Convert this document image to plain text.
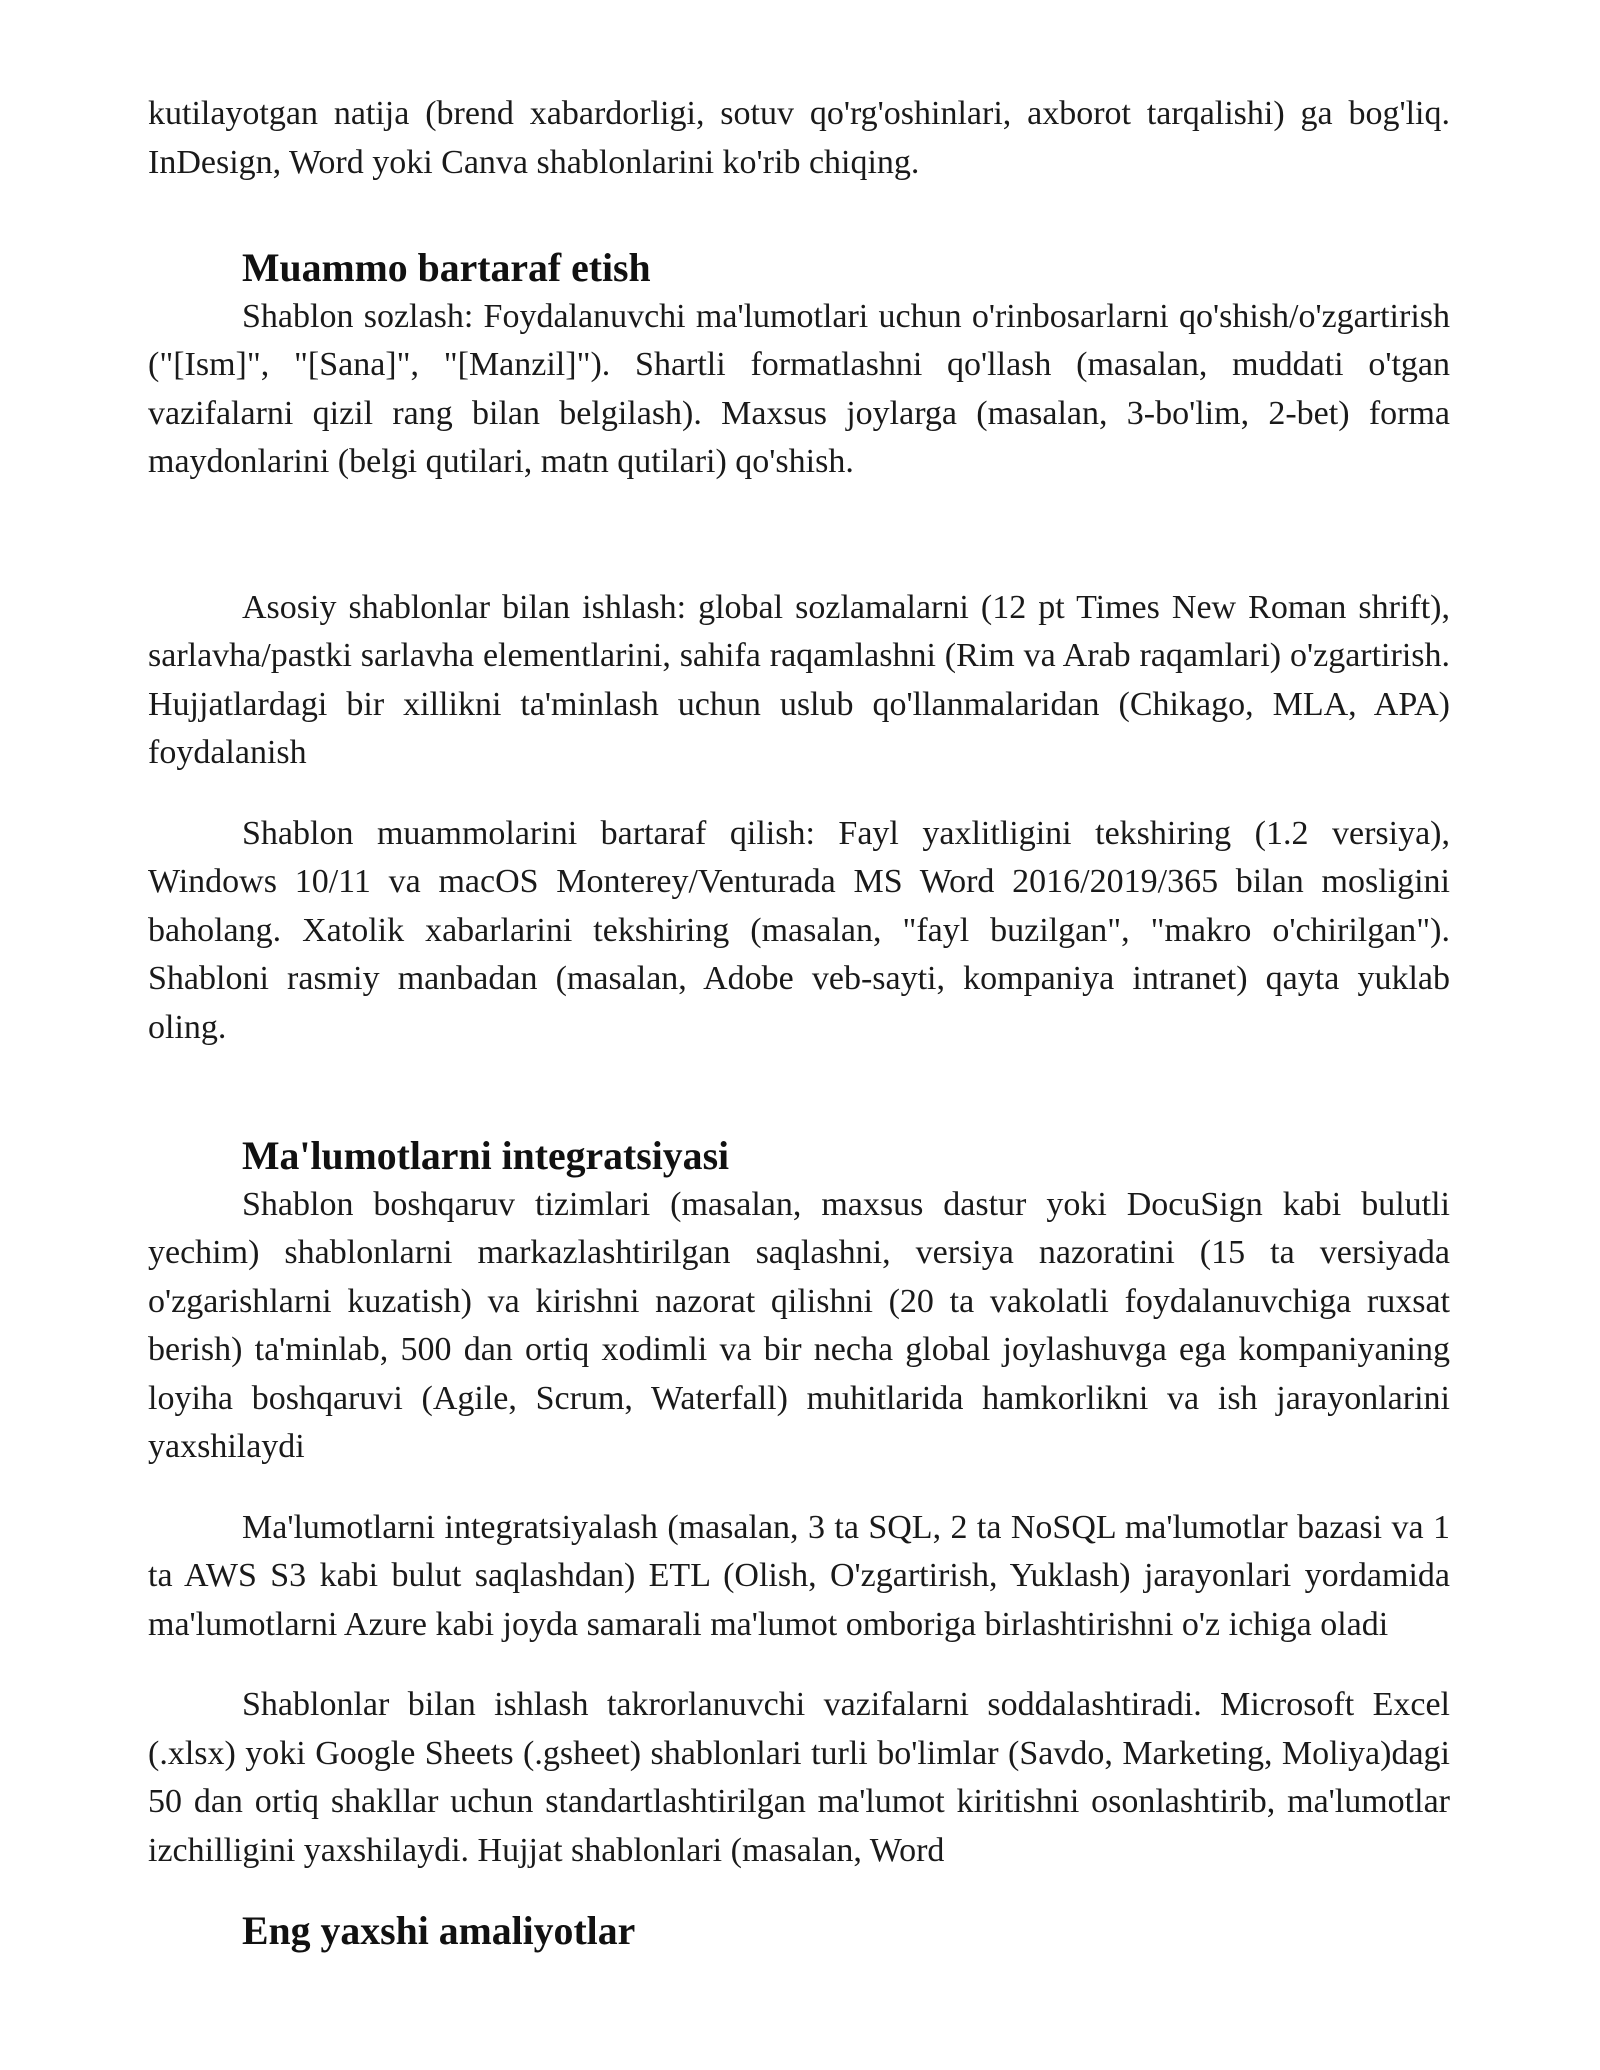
kutilayotgan natija (brend xabardorligi, sotuv qo'rg'oshinlari, axborot tarqalishi) ga bog'liq. InDesign, Word yoki Canva shablonlarini ko'rib chiqing.

Muammo bartaraf etish

Shablon sozlash: Foydalanuvchi ma'lumotlari uchun o'rinbosarlarni qo'shish/o'zgartirish ("[Ism]", "[Sana]", "[Manzil]"). Shartli formatlashni qo'llash (masalan, muddati o'tgan vazifalarni qizil rang bilan belgilash). Maxsus joylarga (masalan, 3-bo'lim, 2-bet) forma maydonlarini (belgi qutilari, matn qutilari) qo'shish.

Asosiy shablonlar bilan ishlash: global sozlamalarni (12 pt Times New Roman shrift), sarlavha/pastki sarlavha elementlarini, sahifa raqamlashni (Rim va Arab raqamlari) o'zgartirish. Hujjatlardagi bir xillikni ta'minlash uchun uslub qo'llanmalaridan (Chikago, MLA, APA) foydalanish

Shablon muammolarini bartaraf qilish: Fayl yaxlitligini tekshiring (1.2 versiya), Windows 10/11 va macOS Monterey/Venturada MS Word 2016/2019/365 bilan mosligini baholang. Xatolik xabarlarini tekshiring (masalan, "fayl buzilgan", "makro o'chirilgan"). Shabloni rasmiy manbadan (masalan, Adobe veb-sayti, kompaniya intranet) qayta yuklab oling.

Ma'lumotlarni integratsiyasi

Shablon boshqaruv tizimlari (masalan, maxsus dastur yoki DocuSign kabi bulutli yechim) shablonlarni markazlashtirilgan saqlashni, versiya nazoratini (15 ta versiyada o'zgarishlarni kuzatish) va kirishni nazorat qilishni (20 ta vakolatli foydalanuvchiga ruxsat berish) ta'minlab, 500 dan ortiq xodimli va bir necha global joylashuvga ega kompaniyaning loyiha boshqaruvi (Agile, Scrum, Waterfall) muhitlarida hamkorlikni va ish jarayonlarini yaxshilaydi

Ma'lumotlarni integratsiyalash (masalan, 3 ta SQL, 2 ta NoSQL ma'lumotlar bazasi va 1 ta AWS S3 kabi bulut saqlashdan) ETL (Olish, O'zgartirish, Yuklash) jarayonlari yordamida ma'lumotlarni Azure kabi joyda samarali ma'lumot omboriga birlashtirishni o'z ichiga oladi

Shablonlar bilan ishlash takrorlanuvchi vazifalarni soddalashtiradi. Microsoft Excel (.xlsx) yoki Google Sheets (.gsheet) shablonlari turli bo'limlar (Savdo, Marketing, Moliya)dagi 50 dan ortiq shakllar uchun standartlashtirilgan ma'lumot kiritishni osonlashtirib, ma'lumotlar izchilligini yaxshilaydi. Hujjat shablonlari (masalan, Word

Eng yaxshi amaliyotlar
